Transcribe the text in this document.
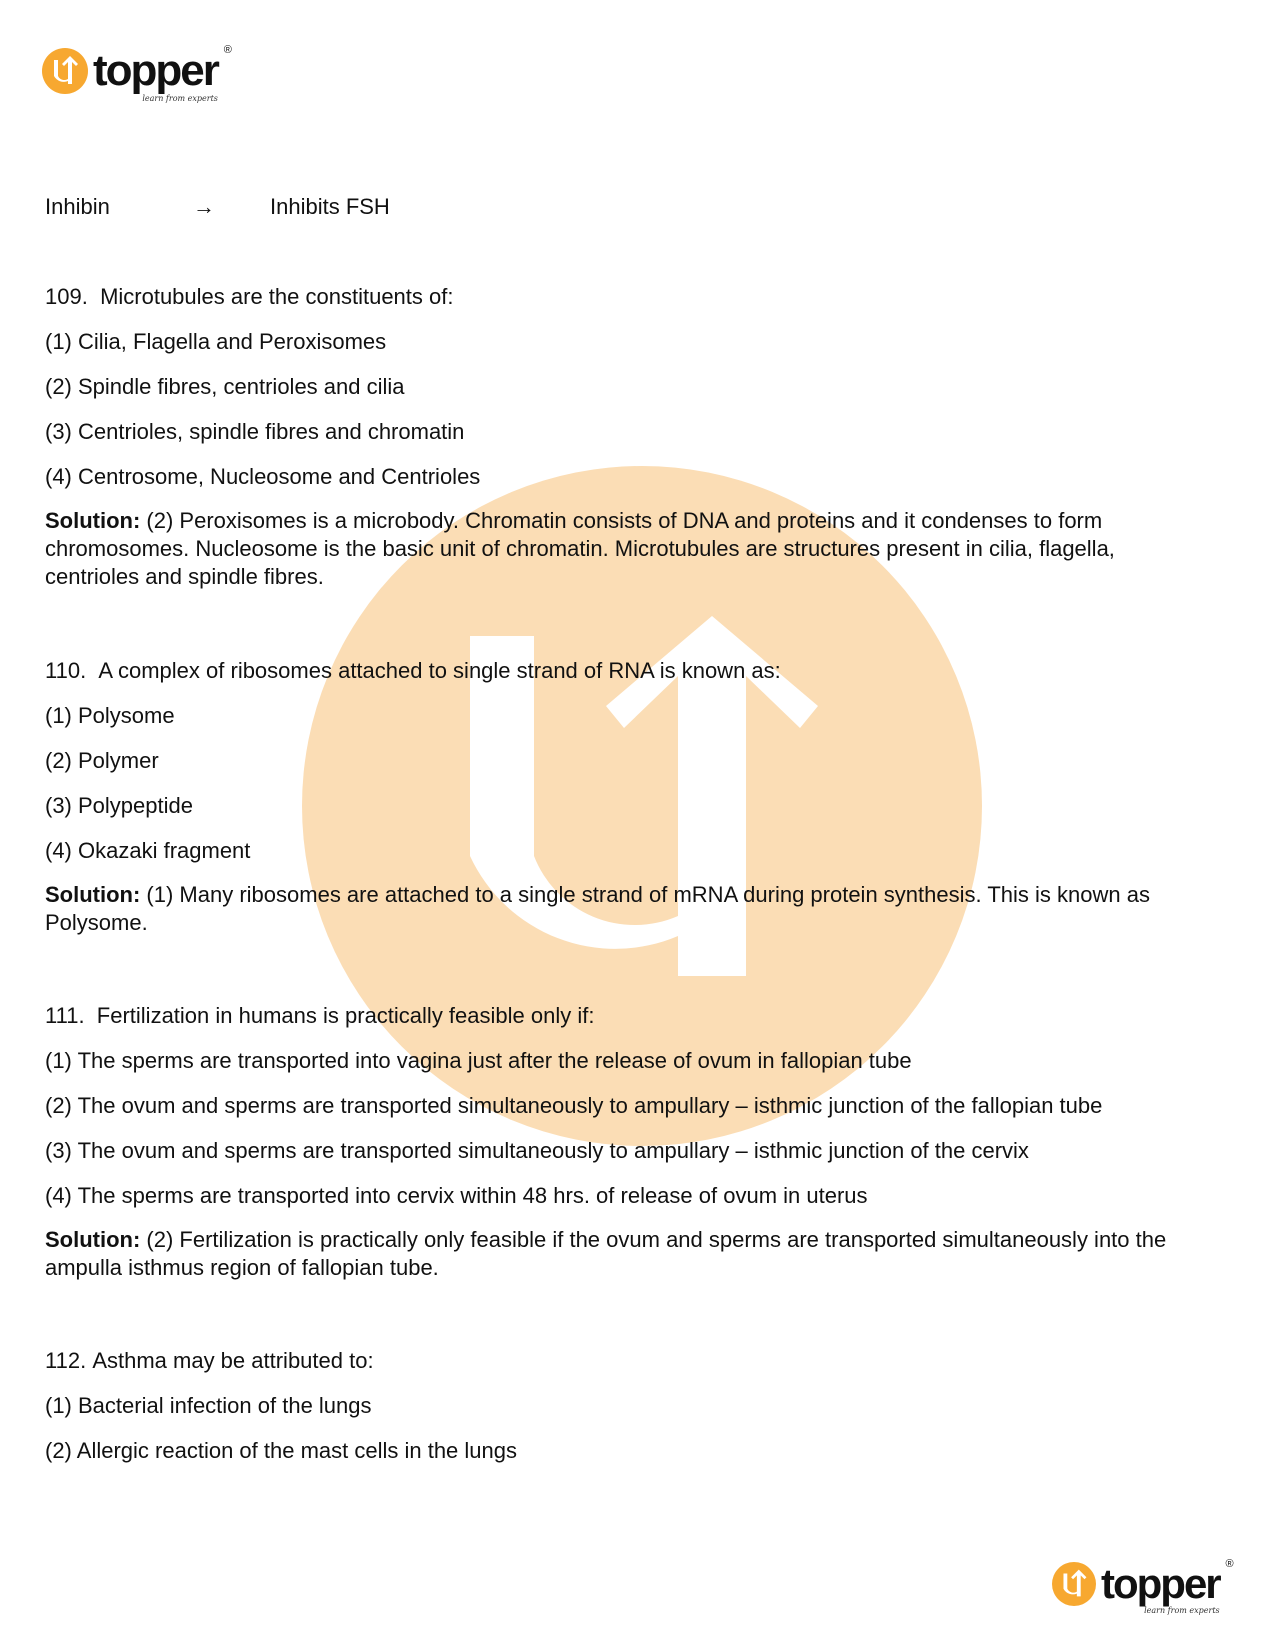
topper ®
learn from experts
Inhibin	→	Inhibits FSH
109. Microtubules are the constituents of:
(1) Cilia, Flagella and Peroxisomes
(2) Spindle fibres, centrioles and cilia
(3) Centrioles, spindle fibres and chromatin
(4) Centrosome, Nucleosome and Centrioles
Solution: (2) Peroxisomes is a microbody. Chromatin consists of DNA and proteins and it condenses to form chromosomes. Nucleosome is the basic unit of chromatin. Microtubules are structures present in cilia, flagella, centrioles and spindle fibres.
110. A complex of ribosomes attached to single strand of RNA is known as:
(1) Polysome
(2) Polymer
(3) Polypeptide
(4) Okazaki fragment
Solution: (1) Many ribosomes are attached to a single strand of mRNA during protein synthesis. This is known as Polysome.
111. Fertilization in humans is practically feasible only if:
(1) The sperms are transported into vagina just after the release of ovum in fallopian tube
(2) The ovum and sperms are transported simultaneously to ampullary – isthmic junction of the fallopian tube
(3) The ovum and sperms are transported simultaneously to ampullary – isthmic junction of the cervix
(4) The sperms are transported into cervix within 48 hrs. of release of ovum in uterus
Solution: (2) Fertilization is practically only feasible if the ovum and sperms are transported simultaneously into the ampulla isthmus region of fallopian tube.
112. Asthma may be attributed to:
(1) Bacterial infection of the lungs
(2) Allergic reaction of the mast cells in the lungs
topper ®
learn from experts
